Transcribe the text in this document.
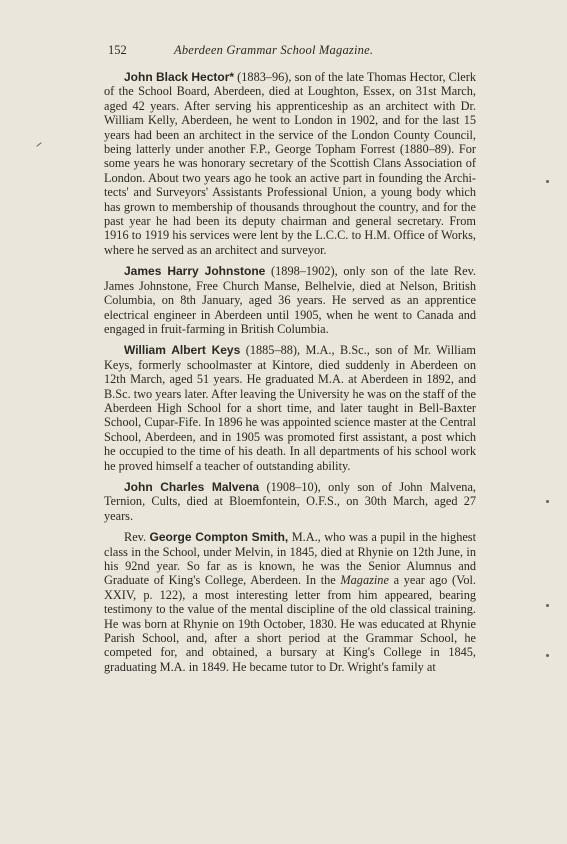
152	Aberdeen Grammar School Magazine.

John Black Hector* (1883–96), son of the late Thomas Hector, Clerk of the School Board, Aberdeen, died at Loughton, Essex, on 31st March, aged 42 years. After serving his apprenticeship as an architect with Dr. William Kelly, Aberdeen, he went to London in 1902, and for the last 15 years had been an architect in the service of the London County Council, being latterly under another F.P., George Topham Forrest (1880–89). For some years he was honorary secretary of the Scottish Clans Association of London. About two years ago he took an active part in founding the Architects' and Surveyors' Assistants Professional Union, a young body which has grown to membership of thousands throughout the country, and for the past year he had been its deputy chairman and general secretary. From 1916 to 1919 his services were lent by the L.C.C. to H.M. Office of Works, where he served as an architect and surveyor.

James Harry Johnstone (1898–1902), only son of the late Rev. James Johnstone, Free Church Manse, Belhelvie, died at Nelson, British Columbia, on 8th January, aged 36 years. He served as an apprentice electrical engineer in Aberdeen until 1905, when he went to Canada and engaged in fruit-farming in British Columbia.

William Albert Keys (1885–88), M.A., B.Sc., son of Mr. William Keys, formerly schoolmaster at Kintore, died suddenly in Aberdeen on 12th March, aged 51 years. He graduated M.A. at Aberdeen in 1892, and B.Sc. two years later. After leaving the University he was on the staff of the Aberdeen High School for a short time, and later taught in Bell-Baxter School, Cupar-Fife. In 1896 he was appointed science master at the Central School, Aberdeen, and in 1905 was promoted first assistant, a post which he occupied to the time of his death. In all departments of his school work he proved himself a teacher of outstanding ability.

John Charles Malvena (1908–10), only son of John Malvena, Ternion, Cults, died at Bloemfontein, O.F.S., on 30th March, aged 27 years.

Rev. George Compton Smith, M.A., who was a pupil in the highest class in the School, under Melvin, in 1845, died at Rhynie on 12th June, in his 92nd year. So far as is known, he was the Senior Alumnus and Graduate of King's College, Aberdeen. In the Magazine a year ago (Vol. XXIV, p. 122), a most interesting letter from him appeared, bearing testimony to the value of the mental discipline of the old classical training. He was born at Rhynie on 19th October, 1830. He was educated at Rhynie Parish School, and, after a short period at the Grammar School, he competed for, and obtained, a bursary at King's College in 1845, graduating M.A. in 1849. He became tutor to Dr. Wright's family at
